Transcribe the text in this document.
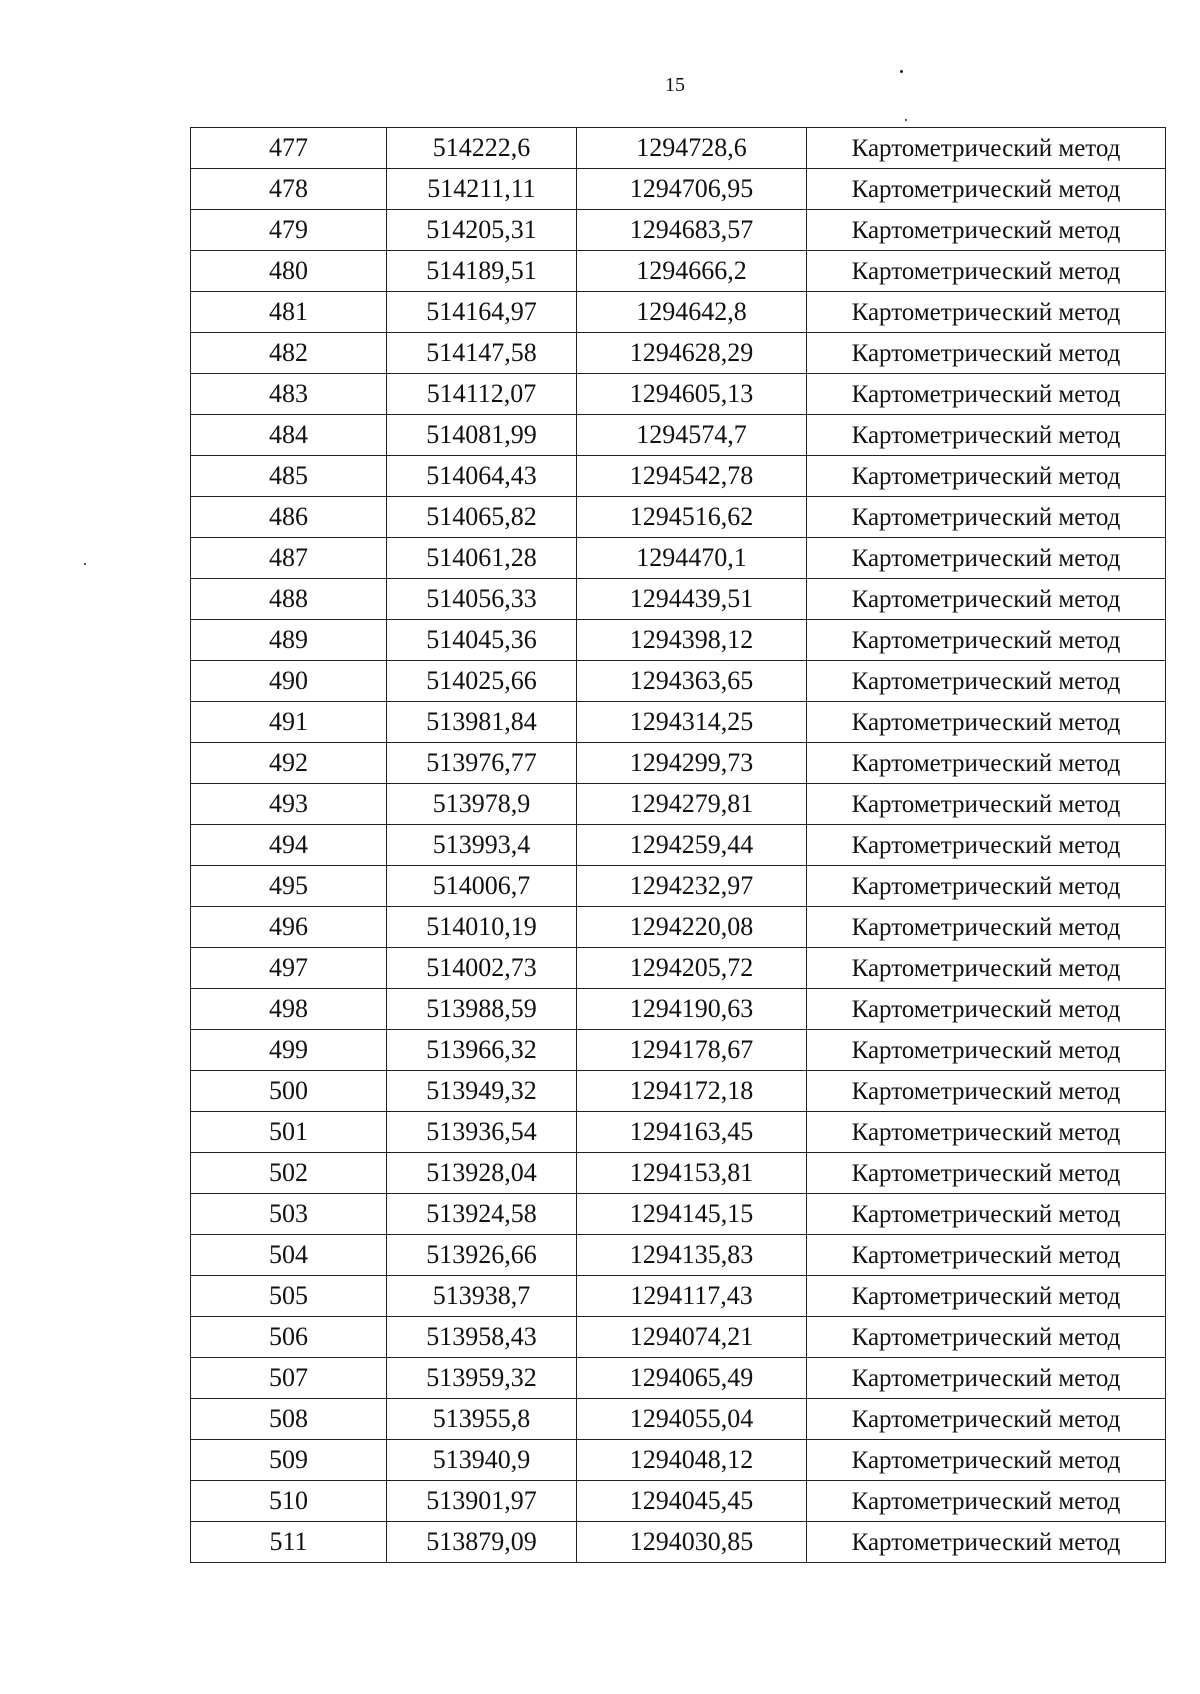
15
477	514222,6	1294728,6	Картометрический метод
478	514211,11	1294706,95	Картометрический метод
479	514205,31	1294683,57	Картометрический метод
480	514189,51	1294666,2	Картометрический метод
481	514164,97	1294642,8	Картометрический метод
482	514147,58	1294628,29	Картометрический метод
483	514112,07	1294605,13	Картометрический метод
484	514081,99	1294574,7	Картометрический метод
485	514064,43	1294542,78	Картометрический метод
486	514065,82	1294516,62	Картометрический метод
487	514061,28	1294470,1	Картометрический метод
488	514056,33	1294439,51	Картометрический метод
489	514045,36	1294398,12	Картометрический метод
490	514025,66	1294363,65	Картометрический метод
491	513981,84	1294314,25	Картометрический метод
492	513976,77	1294299,73	Картометрический метод
493	513978,9	1294279,81	Картометрический метод
494	513993,4	1294259,44	Картометрический метод
495	514006,7	1294232,97	Картометрический метод
496	514010,19	1294220,08	Картометрический метод
497	514002,73	1294205,72	Картометрический метод
498	513988,59	1294190,63	Картометрический метод
499	513966,32	1294178,67	Картометрический метод
500	513949,32	1294172,18	Картометрический метод
501	513936,54	1294163,45	Картометрический метод
502	513928,04	1294153,81	Картометрический метод
503	513924,58	1294145,15	Картометрический метод
504	513926,66	1294135,83	Картометрический метод
505	513938,7	1294117,43	Картометрический метод
506	513958,43	1294074,21	Картометрический метод
507	513959,32	1294065,49	Картометрический метод
508	513955,8	1294055,04	Картометрический метод
509	513940,9	1294048,12	Картометрический метод
510	513901,97	1294045,45	Картометрический метод
511	513879,09	1294030,85	Картометрический метод
